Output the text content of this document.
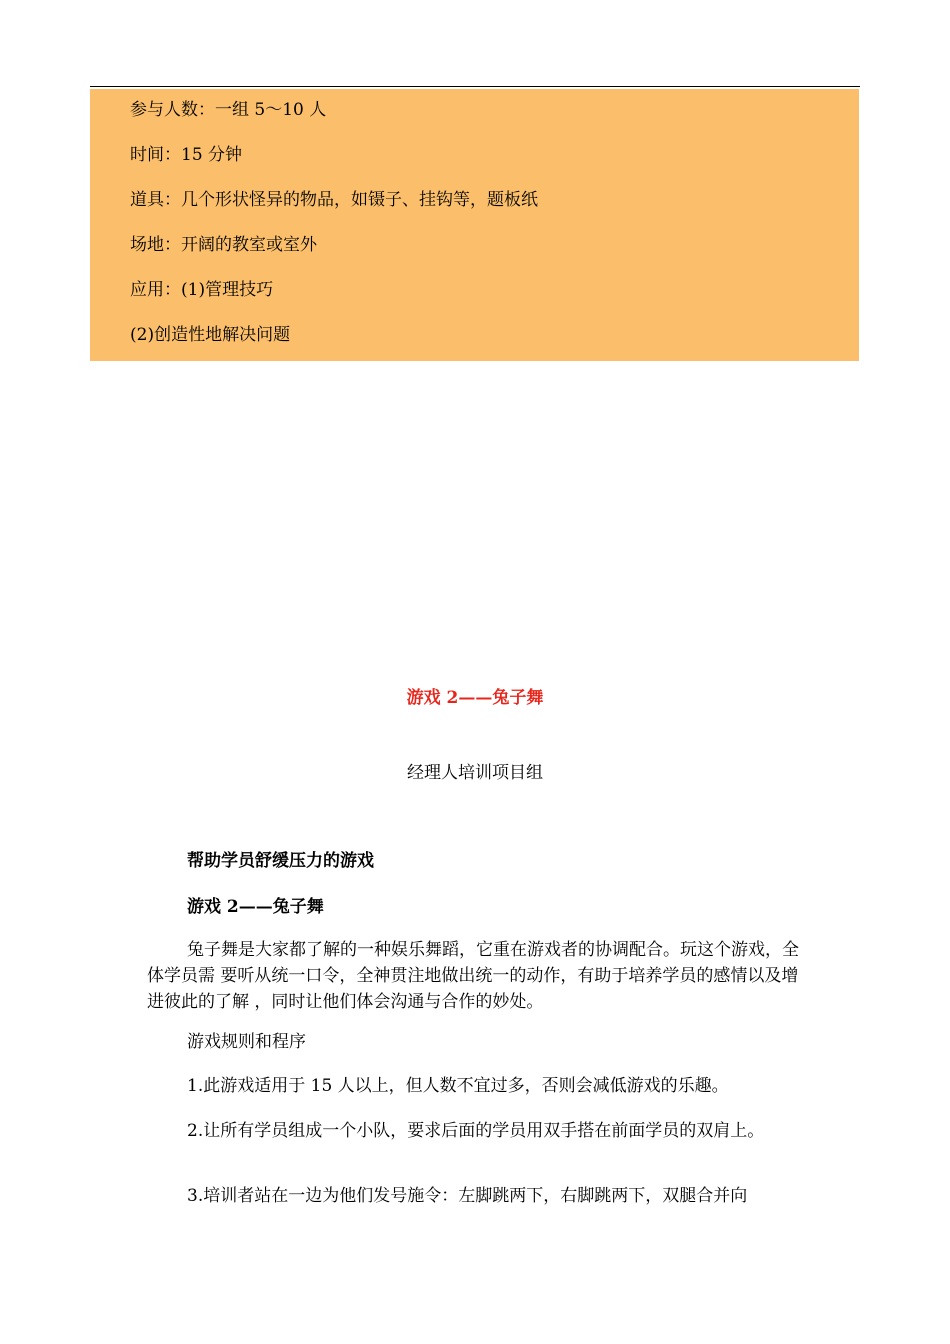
参与人数：一组 5～10 人
时间：15 分钟
道具：几个形状怪异的物品，如镊子、挂钩等，题板纸
场地：开阔的教室或室外
应用：(1)管理技巧
(2)创造性地解决问题
游戏 2——兔子舞
经理人培训项目组
帮助学员舒缓压力的游戏
游戏 2——兔子舞
兔子舞是大家都了解的一种娱乐舞蹈，它重在游戏者的协调配合。玩这个游戏，全体学员需 要听从统一口令，全神贯注地做出统一的动作，有助于培养学员的感情以及增进彼此的了解 ，同时让他们体会沟通与合作的妙处。
游戏规则和程序
1.此游戏适用于 15 人以上，但人数不宜过多，否则会减低游戏的乐趣。
2.让所有学员组成一个小队，要求后面的学员用双手搭在前面学员的双肩上。
3.培训者站在一边为他们发号施令：左脚跳两下，右脚跳两下，双腿合并向
